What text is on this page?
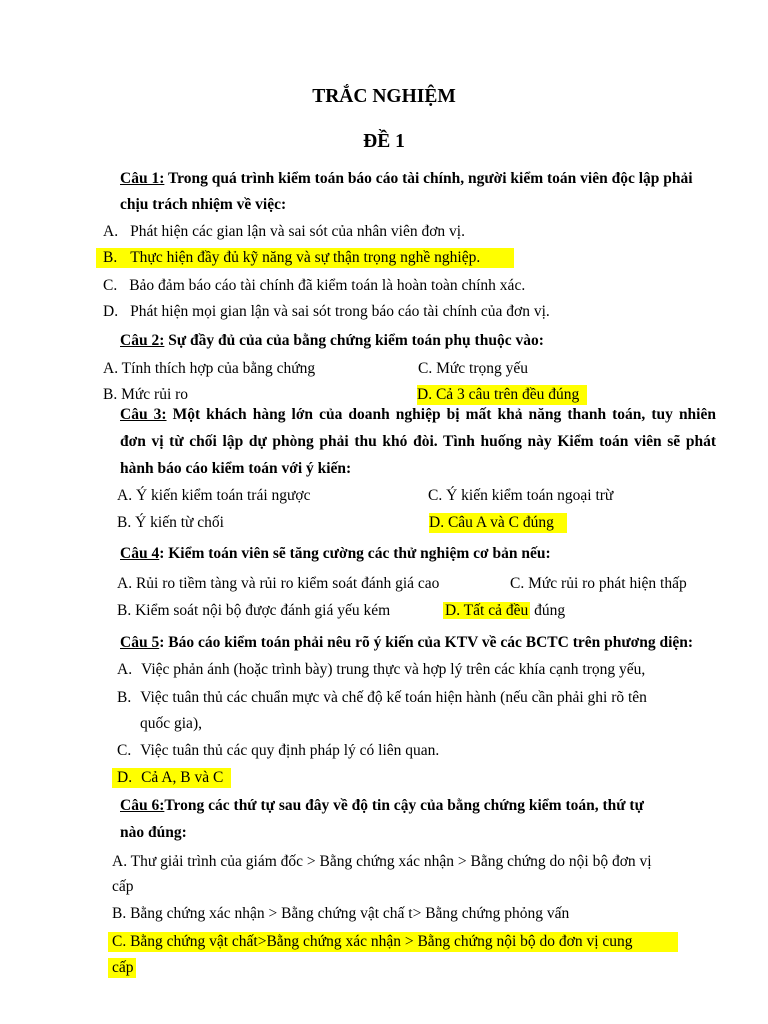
TRẮC NGHIỆM
ĐỀ 1
Câu 1: Trong quá trình kiểm toán báo cáo tài chính, người kiểm toán viên độc lập phải
chịu trách nhiệm về việc:
A. Phát hiện các gian lận và sai sót của nhân viên đơn vị.
B. Thực hiện đầy đủ kỹ năng và sự thận trọng nghề nghiệp.
C. Bảo đảm báo cáo tài chính đã kiểm toán là hoàn toàn chính xác.
D. Phát hiện mọi gian lận và sai sót trong báo cáo tài chính của đơn vị.
Câu 2: Sự đầy đủ của của bằng chứng kiểm toán phụ thuộc vào:
A. Tính thích hợp của bằng chứng	C. Mức trọng yếu
B. Mức rủi ro	D. Cả 3 câu trên đều đúng
Câu 3: Một khách hàng lớn của doanh nghiệp bị mất khả năng thanh toán, tuy nhiên
đơn vị từ chối lập dự phòng phải thu khó đòi. Tình huống này Kiểm toán viên sẽ phát
hành báo cáo kiểm toán với ý kiến:
A. Ý kiến kiểm toán trái ngược	C. Ý kiến kiểm toán ngoại trừ
B. Ý kiến từ chối	D. Câu A và C đúng
Câu 4: Kiểm toán viên sẽ tăng cường các thử nghiệm cơ bản nếu:
A. Rủi ro tiềm tàng và rủi ro kiểm soát đánh giá cao	C. Mức rủi ro phát hiện thấp
B. Kiểm soát nội bộ được đánh giá yếu kém	D. Tất cả đều đúng
Câu 5: Báo cáo kiểm toán phải nêu rõ ý kiến của KTV về các BCTC trên phương diện:
A. Việc phản ánh (hoặc trình bày) trung thực và hợp lý trên các khía cạnh trọng yếu,
B. Việc tuân thủ các chuẩn mực và chế độ kế toán hiện hành (nếu cần phải ghi rõ tên
quốc gia),
C. Việc tuân thủ các quy định pháp lý có liên quan.
D. Cả A, B và C
Câu 6:Trong các thứ tự sau đây về độ tin cậy của bằng chứng kiểm toán, thứ tự
nào đúng:
A. Thư giải trình của giám đốc > Bằng chứng xác nhận > Bằng chứng do nội bộ đơn vị
cấp
B. Bằng chứng xác nhận > Bằng chứng vật chấ t> Bằng chứng phỏng vấn
C. Bằng chứng vật chất>Bằng chứng xác nhận > Bằng chứng nội bộ do đơn vị cung
cấp
